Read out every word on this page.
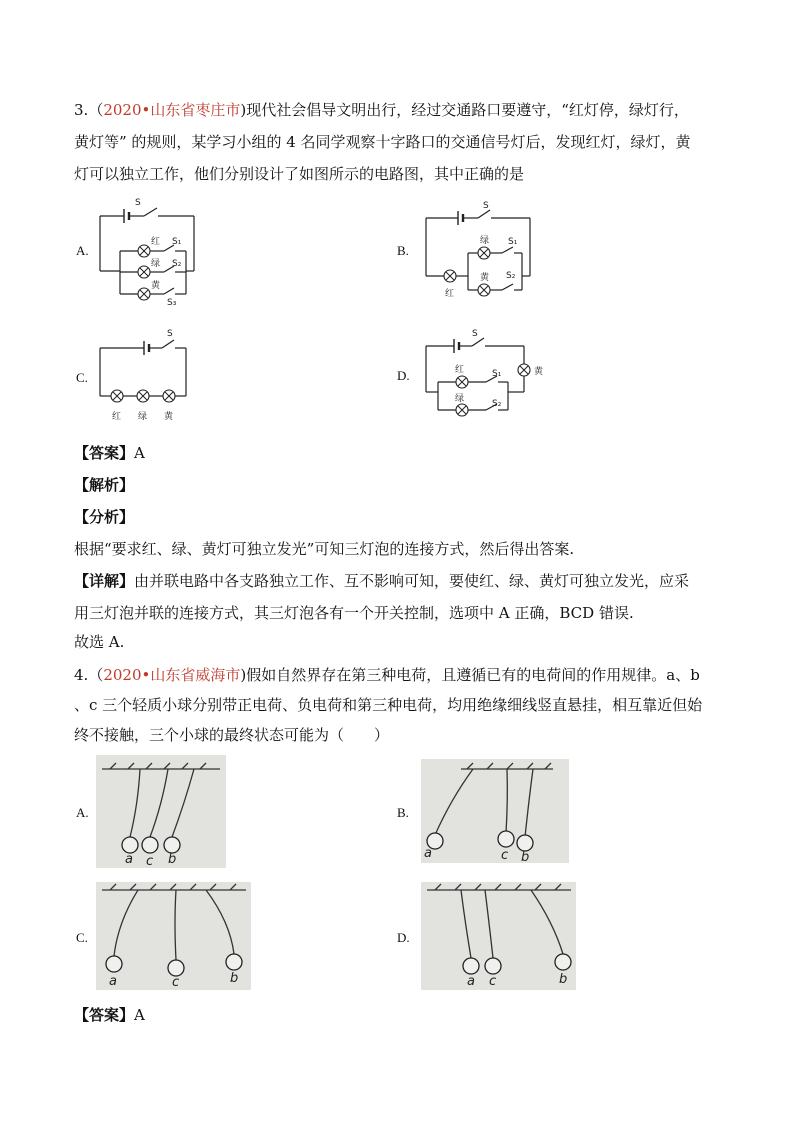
3.（2020•山东省枣庄市)现代社会倡导文明出行，经过交通路口要遵守，“红灯停，绿灯行，
黄灯等” 的规则，某学习小组的 4 名同学观察十字路口的交通信号灯后，发现红灯，绿灯，黄
灯可以独立工作，他们分别设计了如图所示的电路图，其中正确的是
A.	B.
C.	D.
S
红 S₁
绿 S₂
黄
S₃
S
绿 S₁
黄 S₂
红
S
红 绿 黄
S
红	S₁
绿	S₂
黄
【答案】A
【解析】
【分析】
根据“要求红、绿、黄灯可独立发光”可知三灯泡的连接方式，然后得出答案.
【详解】由并联电路中各支路独立工作、互不影响可知，要使红、绿、黄灯可独立发光，应采
用三灯泡并联的连接方式，其三灯泡各有一个开关控制，选项中 A 正确，BCD 错误.
故选 A.
4.（2020•山东省威海市)假如自然界存在第三种电荷，且遵循已有的电荷间的作用规律。a、b
、c 三个轻质小球分别带正电荷、负电荷和第三种电荷，均用绝缘细线竖直悬挂，相互靠近但始
终不接触，三个小球的最终状态可能为（　　）
A.	B.
C.	D.
a c b	a	c b
a	c	b	a c	b
【答案】A
